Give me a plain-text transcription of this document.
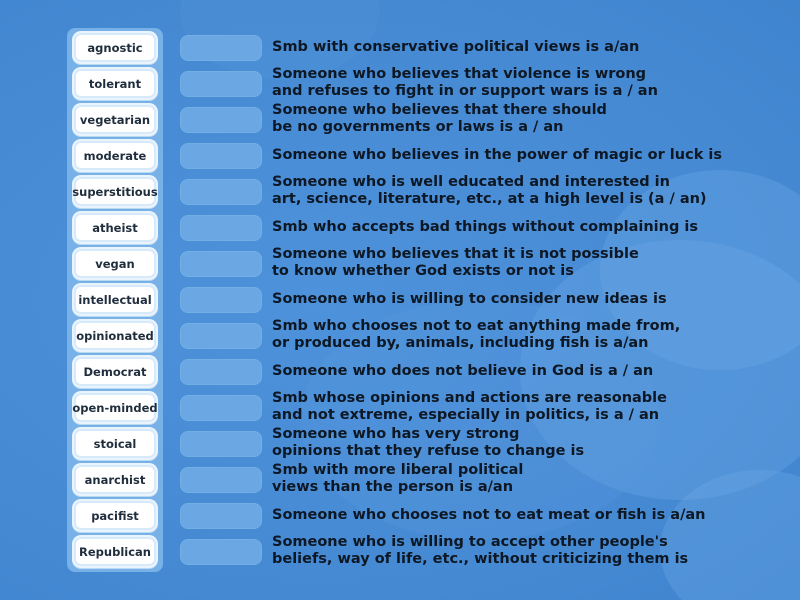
agnostic
tolerant
vegetarian
moderate
superstitious
atheist
vegan
intellectual
opinionated
Democrat
open-minded
stoical
anarchist
pacifist
Republican
Smb with conservative political views is a/an
Someone who believes that violence is wrong
and refuses to fight in or support wars is a / an
Someone who believes that there should
be no governments or laws is a / an
Someone who believes in the power of magic or luck is
Someone who is well educated and interested in
art, science, literature, etc., at a high level is (a / an)
Smb who accepts bad things without complaining is
Someone who believes that it is not possible
to know whether God exists or not is
Someone who is willing to consider new ideas is
Smb who chooses not to eat anything made from,
or produced by, animals, including fish is a/an
Someone who does not believe in God is a / an
Smb whose opinions and actions are reasonable
and not extreme, especially in politics, is a / an
Someone who has very strong
opinions that they refuse to change is
Smb with more liberal political
views than the person is a/an
Someone who chooses not to eat meat or fish is a/an
Someone who is willing to accept other people's
beliefs, way of life, etc., without criticizing them is
